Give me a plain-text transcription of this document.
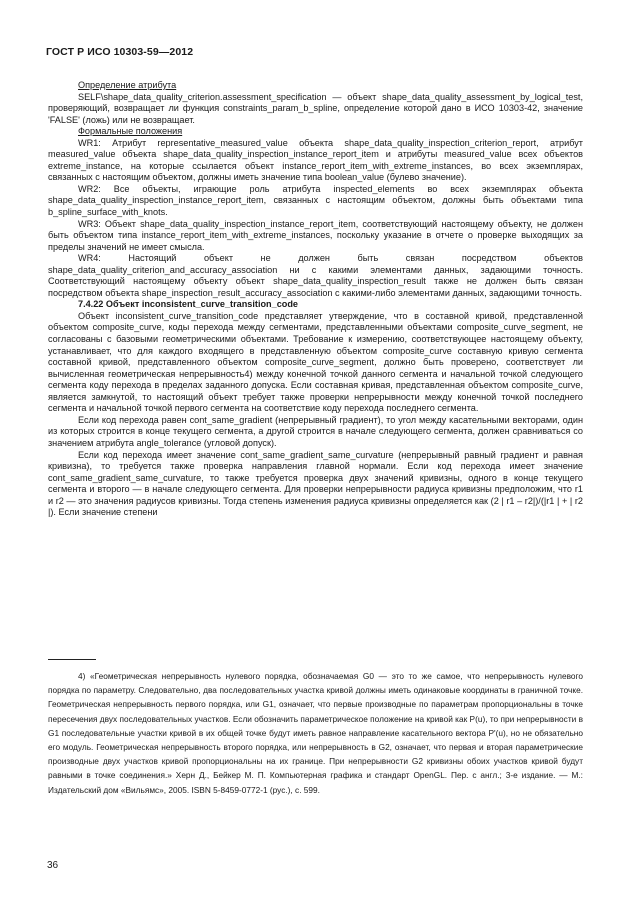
ГОСТ Р ИСО 10303-59—2012

Определение атрибута

SELF\shape_data_quality_criterion.assessment_specification — объект shape_data_quality_assessment_by_logical_test, проверяющий, возвращает ли функция constraints_param_b_spline, определение которой дано в ИСО 10303-42, значение 'FALSE' (ложь) или не возвращает.

Формальные положения

WR1: Атрибут representative_measured_value объекта shape_data_quality_inspection_criterion_report, атрибут measured_value объекта shape_data_quality_inspection_instance_report_item и атрибуты measured_value всех объектов extreme_instance, на которые ссылается объект instance_report_item_with_extreme_instances, во всех экземплярах, связанных с настоящим объектом, должны иметь значение типа boolean_value (булево значение).

WR2: Все объекты, играющие роль атрибута inspected_elements во всех экземплярах объекта shape_data_quality_inspection_instance_report_item, связанных с настоящим объектом, должны быть объектами типа b_spline_surface_with_knots.

WR3: Объект shape_data_quality_inspection_instance_report_item, соответствующий настоящему объекту, не должен быть объектом типа instance_report_item_with_extreme_instances, поскольку указание в отчете о проверке выходящих за пределы значений не имеет смысла.

WR4: Настоящий объект не должен быть связан посредством объектов shape_data_quality_criterion_and_accuracy_association ни с какими элементами данных, задающими точность. Соответствующий настоящему объекту объект shape_data_quality_inspection_result также не должен быть связан посредством объекта shape_inspection_result_accuracy_association с какими-либо элементами данных, задающими точность.

7.4.22 Объект inconsistent_curve_transition_code

Объект inconsistent_curve_transition_code представляет утверждение, что в составной кривой, представленной объектом composite_curve, коды перехода между сегментами, представленными объектами composite_curve_segment, не согласованы с базовыми геометрическими объектами. Требование к измерению, соответствующее настоящему объекту, устанавливает, что для каждого входящего в представленную объектом composite_curve составную кривую сегмента составной кривой, представленного объектом composite_curve_segment, должно быть проверено, соответствует ли вычисленная геометрическая непрерывность4) между конечной точкой данного сегмента и начальной точкой следующего сегмента коду перехода в пределах заданного допуска. Если составная кривая, представленная объектом composite_curve, является замкнутой, то настоящий объект требует также проверки непрерывности между конечной точкой последнего сегмента и начальной точкой первого сегмента на соответствие коду перехода последнего сегмента.

Если код перехода равен cont_same_gradient (непрерывный градиент), то угол между касательными векторами, один из которых строится в конце текущего сегмента, а другой строится в начале следующего сегмента, должен сравниваться со значением атрибута angle_tolerance (угловой допуск).

Если код перехода имеет значение cont_same_gradient_same_curvature (непрерывный равный градиент и равная кривизна), то требуется также проверка направления главной нормали. Если код перехода имеет значение cont_same_gradient_same_curvature, то также требуется проверка двух значений кривизны, одного в конце текущего сегмента и второго — в начале следующего сегмента. Для проверки непрерывности радиуса кривизны предположим, что r1 и r2 — это значения радиусов кривизны. Тогда степень изменения радиуса кривизны определяется как (2 | r1 – r2|)/(|r1 | + | r2 |). Если значение степени

4) «Геометрическая непрерывность нулевого порядка, обозначаемая G0 — это то же самое, что непрерывность нулевого порядка по параметру. Следовательно, два последовательных участка кривой должны иметь одинаковые координаты в граничной точке. Геометрическая непрерывность первого порядка, или G1, означает, что первые производные по параметрам пропорциональны в точке пересечения двух последовательных участков. Если обозначить параметрическое положение на кривой как P(u), то при непрерывности в G1 последовательные участки кривой в их общей точке будут иметь равное направление касательного вектора P'(u), но не обязательно его модуль. Геометрическая непрерывность второго порядка, или непрерывность в G2, означает, что первая и вторая параметрические производные двух участков кривой пропорциональны на их границе. При непрерывности G2 кривизны обоих участков кривой будут равными в точке соединения.» Херн Д., Бейкер М. П. Компьютерная графика и стандарт OpenGL. Пер. с англ.; 3-е издание. — М.: Издательский дом «Вильямс», 2005. ISBN 5-8459-0772-1 (рус.), с. 599.

36
